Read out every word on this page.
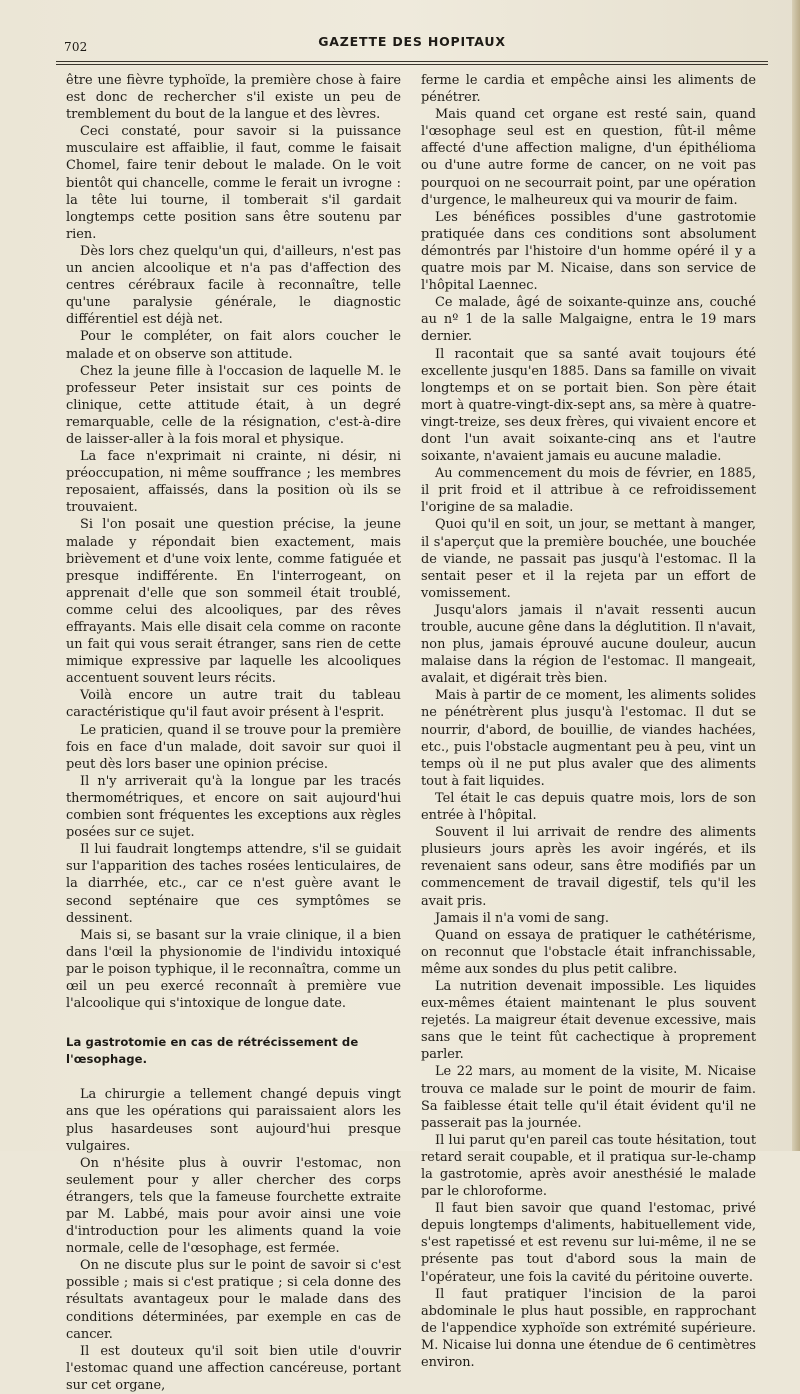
702	GAZETTE DES HOPITAUX

être une fièvre typhoïde, la première chose à faire est donc de rechercher s'il existe un peu de tremblement du bout de la langue et des lèvres.

Ceci constaté, pour savoir si la puissance musculaire est affaiblie, il faut, comme le faisait Chomel, faire tenir debout le malade. On le voit bientôt qui chancelle, comme le ferait un ivrogne : la tête lui tourne, il tomberait s'il gardait longtemps cette position sans être soutenu par rien.

Dès lors chez quelqu'un qui, d'ailleurs, n'est pas un ancien alcoolique et n'a pas d'affection des centres cérébraux facile à reconnaître, telle qu'une paralysie générale, le diagnostic différentiel est déjà net.

Pour le compléter, on fait alors coucher le malade et on observe son attitude.

Chez la jeune fille à l'occasion de laquelle M. le professeur Peter insistait sur ces points de clinique, cette attitude était, à un degré remarquable, celle de la résignation, c'est-à-dire de laisser-aller à la fois moral et physique.

La face n'exprimait ni crainte, ni désir, ni préoccupation, ni même souffrance ; les membres reposaient, affaissés, dans la position où ils se trouvaient.

Si l'on posait une question précise, la jeune malade y répondait bien exactement, mais brièvement et d'une voix lente, comme fatiguée et presque indifférente. En l'interrogeant, on apprenait d'elle que son sommeil était troublé, comme celui des alcooliques, par des rêves effrayants. Mais elle disait cela comme on raconte un fait qui vous serait étranger, sans rien de cette mimique expressive par laquelle les alcooliques accentuent souvent leurs récits.

Voilà encore un autre trait du tableau caractéristique qu'il faut avoir présent à l'esprit.

Le praticien, quand il se trouve pour la première fois en face d'un malade, doit savoir sur quoi il peut dès lors baser une opinion précise.

Il n'y arriverait qu'à la longue par les tracés thermométriques, et encore on sait aujourd'hui combien sont fréquentes les exceptions aux règles posées sur ce sujet.

Il lui faudrait longtemps attendre, s'il se guidait sur l'apparition des taches rosées lenticulaires, de la diarrhée, etc., car ce n'est guère avant le second septénaire que ces symptômes se dessinent.

Mais si, se basant sur la vraie clinique, il a bien dans l'œil la physionomie de l'individu intoxiqué par le poison typhique, il le reconnaîtra, comme un œil un peu exercé reconnaît à première vue l'alcoolique qui s'intoxique de longue date.

La gastrotomie en cas de rétrécissement de l'œsophage.

La chirurgie a tellement changé depuis vingt ans que les opérations qui paraissaient alors les plus hasardeuses sont aujourd'hui presque vulgaires.

On n'hésite plus à ouvrir l'estomac, non seulement pour y aller chercher des corps étrangers, tels que la fameuse fourchette extraite par M. Labbé, mais pour avoir ainsi une voie d'introduction pour les aliments quand la voie normale, celle de l'œsophage, est fermée.

On ne discute plus sur le point de savoir si c'est possible ; mais si c'est pratique ; si cela donne des résultats avantageux pour le malade dans des conditions déterminées, par exemple en cas de cancer.

Il est douteux qu'il soit bien utile d'ouvrir l'estomac quand une affection cancéreuse, portant sur cet organe,

ferme le cardia et empêche ainsi les aliments de pénétrer.

Mais quand cet organe est resté sain, quand l'œsophage seul est en question, fût-il même affecté d'une affection maligne, d'un épithélioma ou d'une autre forme de cancer, on ne voit pas pourquoi on ne secourrait point, par une opération d'urgence, le malheureux qui va mourir de faim.

Les bénéfices possibles d'une gastrotomie pratiquée dans ces conditions sont absolument démontrés par l'histoire d'un homme opéré il y a quatre mois par M. Nicaise, dans son service de l'hôpital Laennec.

Ce malade, âgé de soixante-quinze ans, couché au nº 1 de la salle Malgaigne, entra le 19 mars dernier.

Il racontait que sa santé avait toujours été excellente jusqu'en 1885. Dans sa famille on vivait longtemps et on se portait bien. Son père était mort à quatre-vingt-dix-sept ans, sa mère à quatre-vingt-treize, ses deux frères, qui vivaient encore et dont l'un avait soixante-cinq ans et l'autre soixante, n'avaient jamais eu aucune maladie.

Au commencement du mois de février, en 1885, il prit froid et il attribue à ce refroidissement l'origine de sa maladie.

Quoi qu'il en soit, un jour, se mettant à manger, il s'aperçut que la première bouchée, une bouchée de viande, ne passait pas jusqu'à l'estomac. Il la sentait peser et il la rejeta par un effort de vomissement.

Jusqu'alors jamais il n'avait ressenti aucun trouble, aucune gêne dans la déglutition. Il n'avait, non plus, jamais éprouvé aucune douleur, aucun malaise dans la région de l'estomac. Il mangeait, avalait, et digérait très bien.

Mais à partir de ce moment, les aliments solides ne pénétrèrent plus jusqu'à l'estomac. Il dut se nourrir, d'abord, de bouillie, de viandes hachées, etc., puis l'obstacle augmentant peu à peu, vint un temps où il ne put plus avaler que des aliments tout à fait liquides.

Tel était le cas depuis quatre mois, lors de son entrée à l'hôpital.

Souvent il lui arrivait de rendre des aliments plusieurs jours après les avoir ingérés, et ils revenaient sans odeur, sans être modifiés par un commencement de travail digestif, tels qu'il les avait pris.

Jamais il n'a vomi de sang.

Quand on essaya de pratiquer le cathétérisme, on reconnut que l'obstacle était infranchissable, même aux sondes du plus petit calibre.

La nutrition devenait impossible. Les liquides eux-mêmes étaient maintenant le plus souvent rejetés. La maigreur était devenue excessive, mais sans que le teint fût cachectique à proprement parler.

Le 22 mars, au moment de la visite, M. Nicaise trouva ce malade sur le point de mourir de faim. Sa faiblesse était telle qu'il était évident qu'il ne passerait pas la journée.

Il lui parut qu'en pareil cas toute hésitation, tout retard serait coupable, et il pratiqua sur-le-champ la gastrotomie, après avoir anesthésié le malade par le chloroforme.

Il faut bien savoir que quand l'estomac, privé depuis longtemps d'aliments, habituellement vide, s'est rapetissé et est revenu sur lui-même, il ne se présente pas tout d'abord sous la main de l'opérateur, une fois la cavité du péritoine ouverte.

Il faut pratiquer l'incision de la paroi abdominale le plus haut possible, en rapprochant de l'appendice xyphoïde son extrémité supérieure. M. Nicaise lui donna une étendue de 6 centimètres environ.
